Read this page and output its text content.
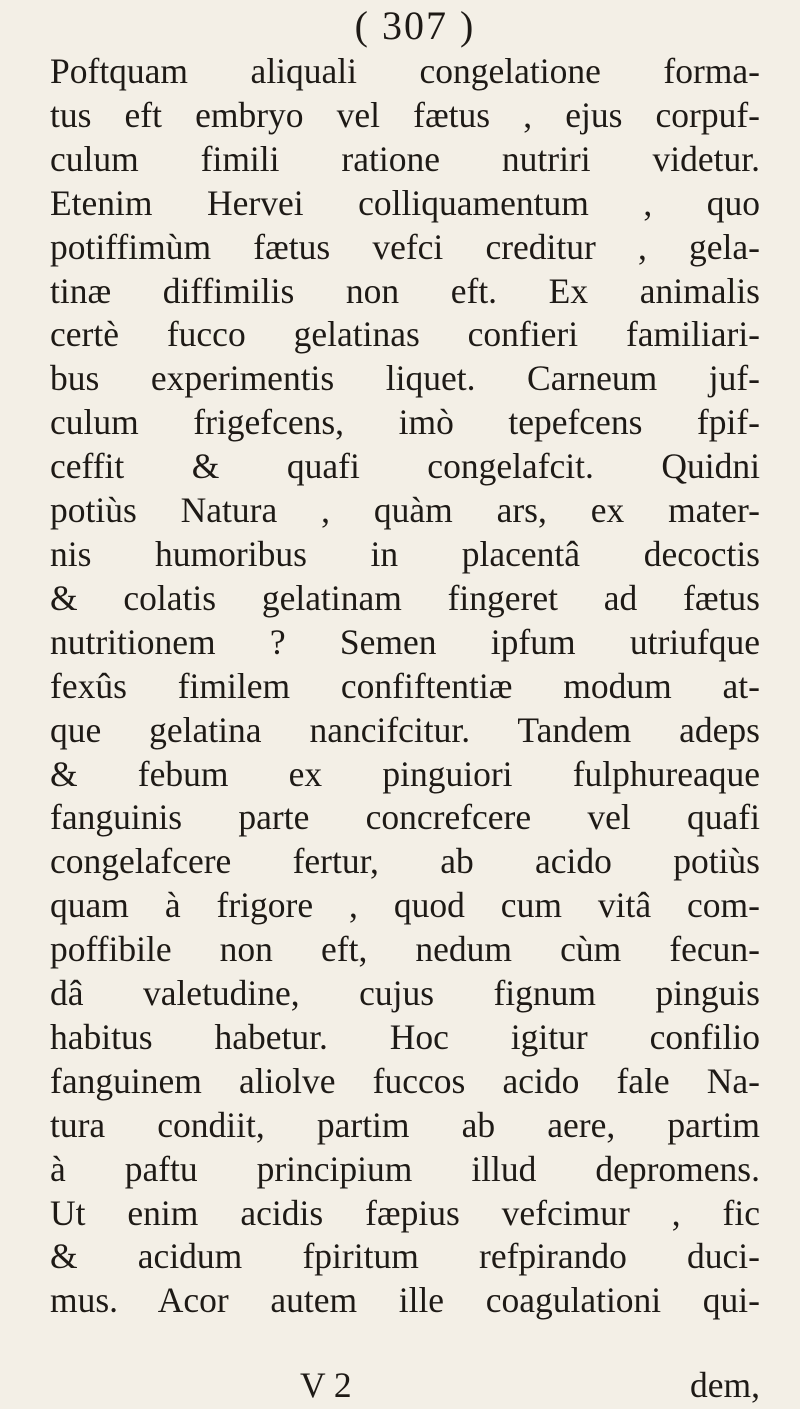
( 307 )
Poftquam aliquali congelatione forma-
tus eft embryo vel fætus , ejus corpuf-
culum fimili ratione nutriri videtur.
Etenim Hervei colliquamentum , quo
potiffimùm fætus vefci creditur , gela-
tinæ diffimilis non eft. Ex animalis
certè fucco gelatinas confieri familiari-
bus experimentis liquet. Carneum juf-
culum frigefcens, imò tepefcens fpif-
ceffit & quafi congelafcit. Quidni
potiùs Natura , quàm ars, ex mater-
nis humoribus in placentâ decoctis
& colatis gelatinam fingeret ad fætus
nutritionem ? Semen ipfum utriufque
fexûs fimilem confiftentiæ modum at-
que gelatina nancifcitur. Tandem adeps
& febum ex pinguiori fulphureaque
fanguinis parte concrefcere vel quafi
congelafcere fertur, ab acido potiùs
quam à frigore , quod cum vitâ com-
poffibile non eft, nedum cùm fecun-
dâ valetudine, cujus fignum pinguis
habitus habetur. Hoc igitur confilio
fanguinem aliolve fuccos acido fale Na-
tura condiit, partim ab aere, partim
à paftu principium illud depromens.
Ut enim acidis fæpius vefcimur , fic
& acidum fpiritum refpirando duci-
mus. Acor autem ille coagulationi qui-
V 2	dem,
